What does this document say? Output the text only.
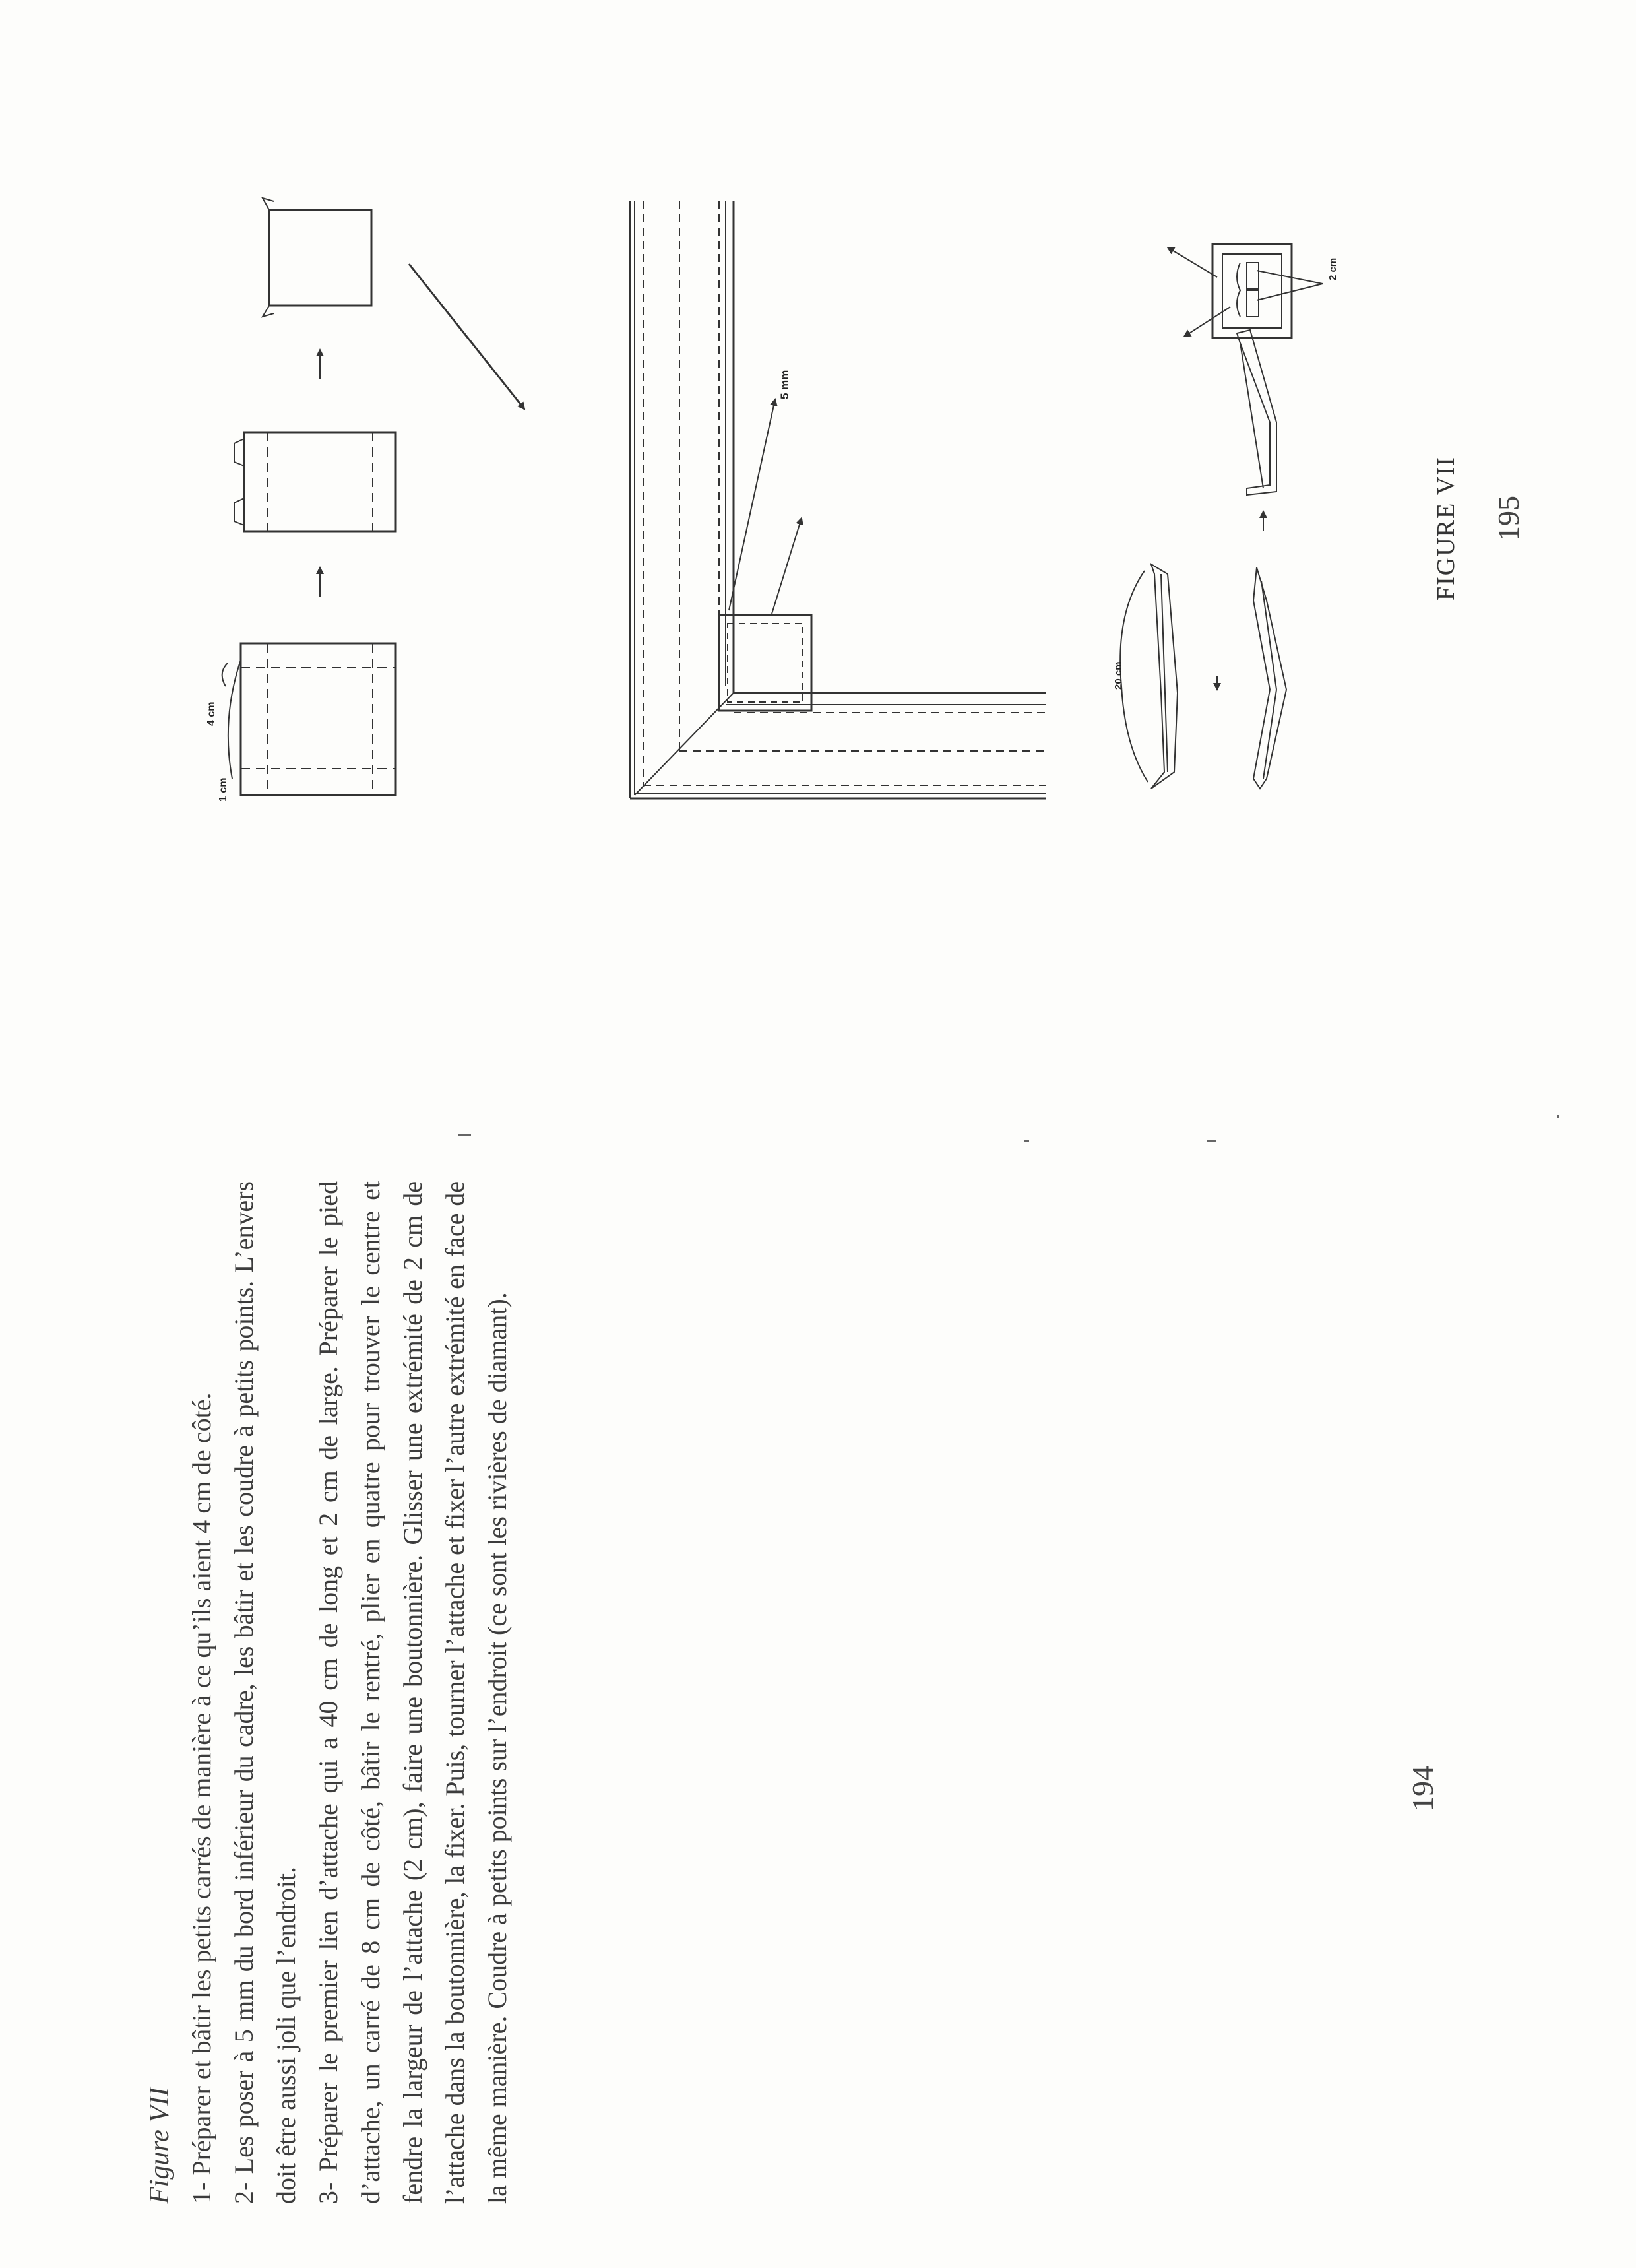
Figure VII 1- Préparer et bâtir les petits carrés de manière à ce qu’ils aient 4 cm de côté. 2- Les poser à 5 mm du bord inférieur du cadre, les bâtir et les coudre à petits points. L’envers doit être aussi joli que l’endroit. 3- Préparer le premier lien d’attache qui a 40 cm de long et 2 cm de large. Préparer le pied d’attache, un carré de 8 cm de côté, bâtir le rentré, plier en quatre pour trouver le centre et fendre la largeur de l’attache (2 cm), faire une boutonnière. Glisser une extrémité de 2 cm de l’attache dans la boutonnière, la fixer. Puis, tourner l’attache et fixer l’autre extrémité en face de la même manière. Coudre à petits points sur l’endroit (ce sont les rivières de diamant).	194
FIGURE VII 195
1 cm
4 cm
5 mm
20 cm
2 cm
